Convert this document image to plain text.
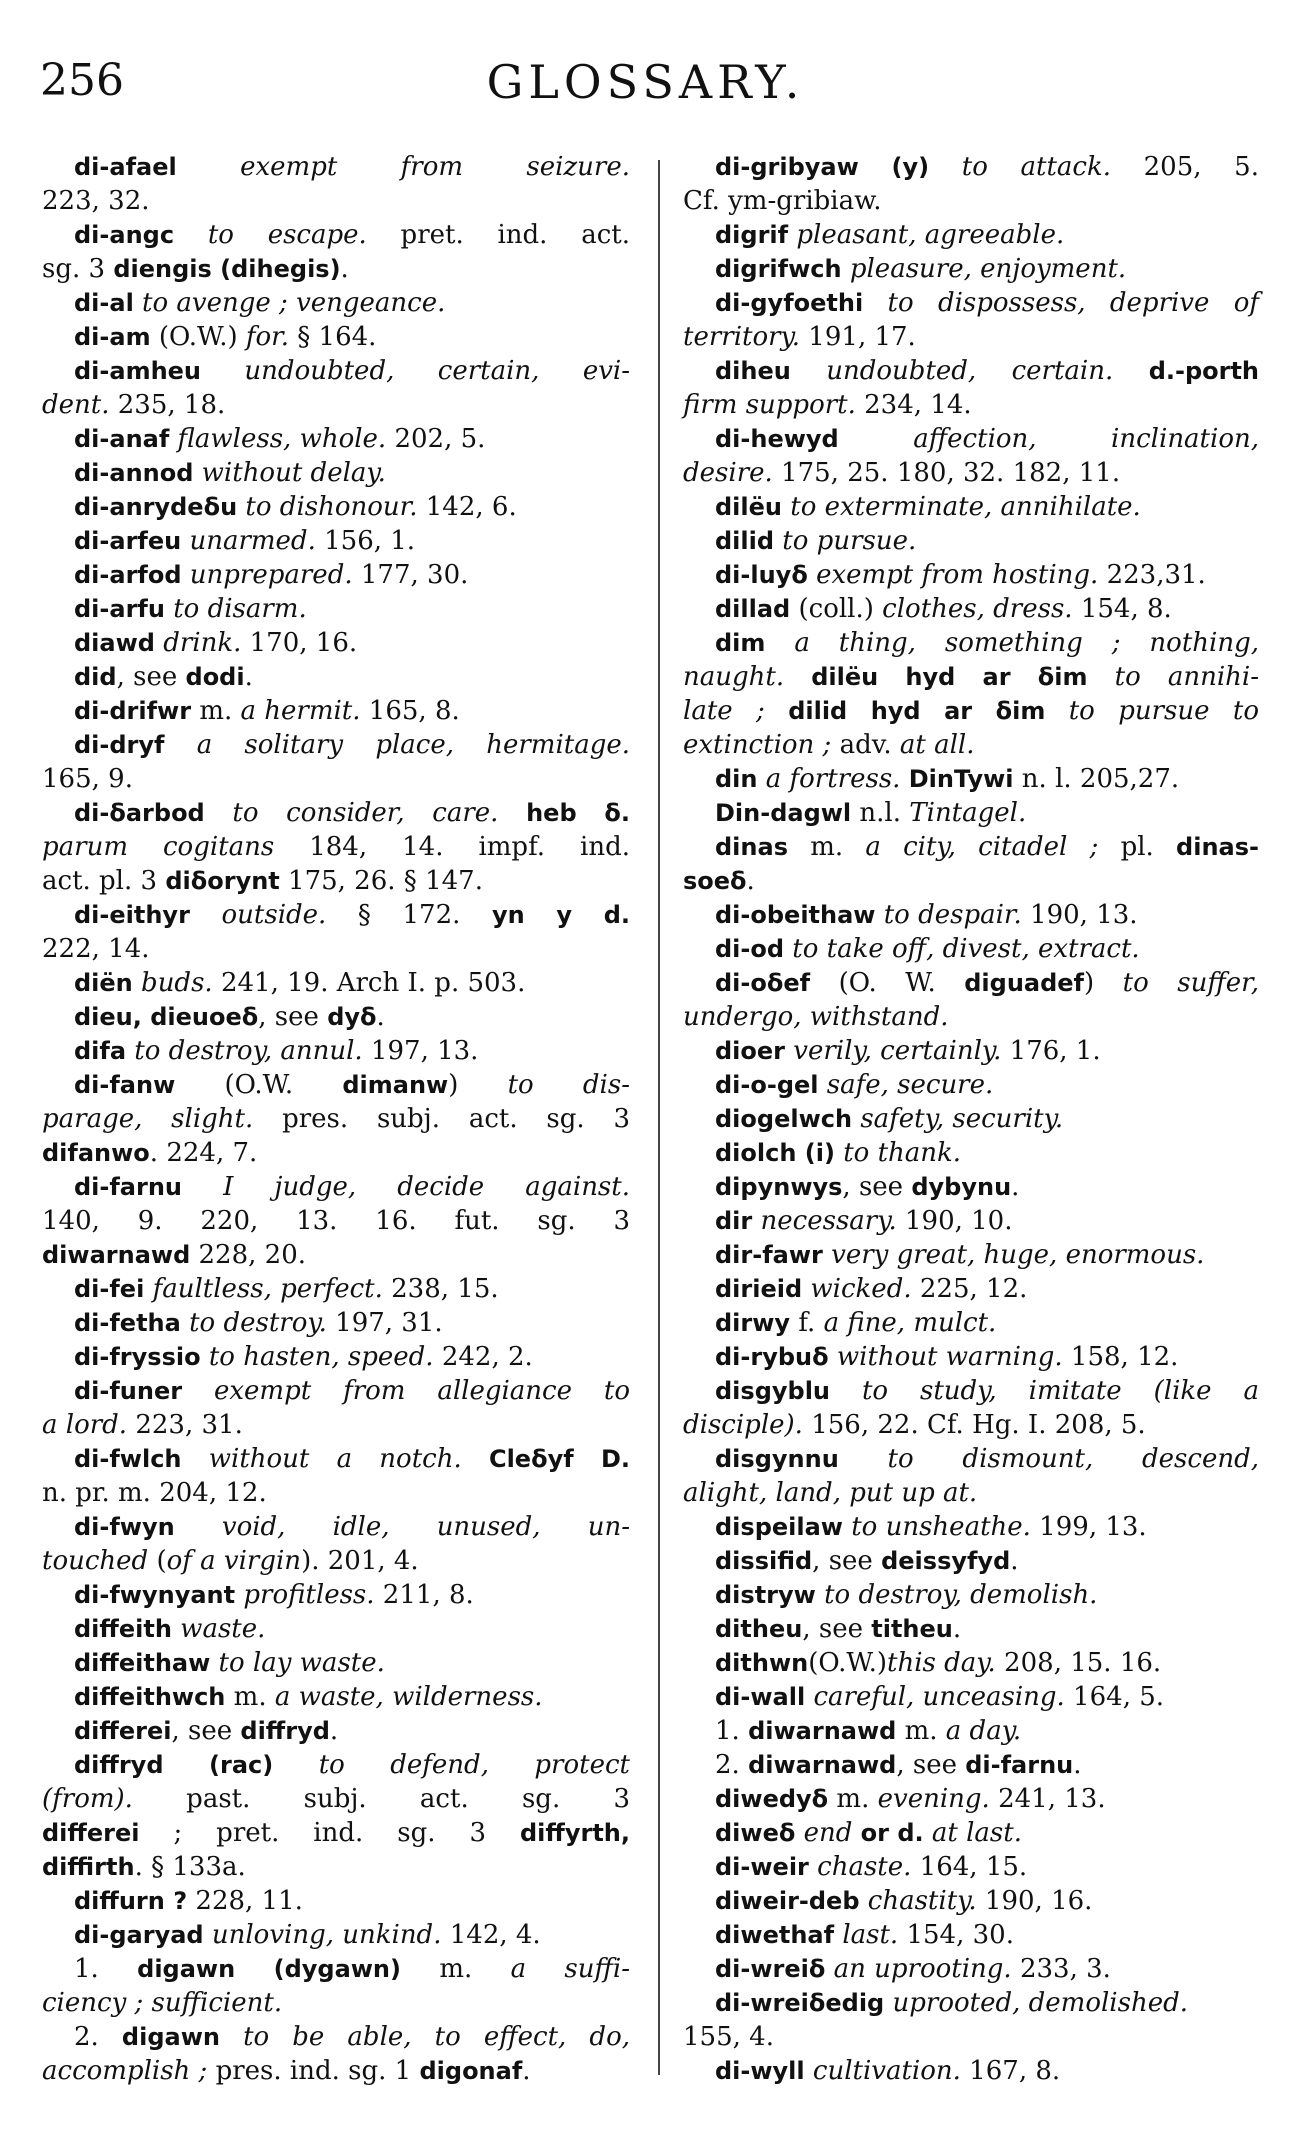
256	GLOSSARY.
di-afael exempt from seizure.
223, 32.
di-angc to escape. pret. ind. act.
sg. 3 diengis (dihegis).
di-al to avenge ; vengeance.
di-am (O.W.) for. § 164.
di-amheu undoubted, certain, evi-
dent. 235, 18.
di-anaf flawless, whole. 202, 5.
di-annod without delay.
di-anrydeδu to dishonour. 142, 6.
di-arfeu unarmed. 156, 1.
di-arfod unprepared. 177, 30.
di-arfu to disarm.
diawd drink. 170, 16.
did, see dodi.
di-drifwr m. a hermit. 165, 8.
di-dryf a solitary place, hermitage.
165, 9.
di-δarbod to consider, care. heb δ.
parum cogitans 184, 14. impf. ind.
act. pl. 3 diδorynt 175, 26. § 147.
di-eithyr outside. § 172. yn y d.
222, 14.
diën buds. 241, 19. Arch I. p. 503.
dieu, dieuoeδ, see dyδ.
difa to destroy, annul. 197, 13.
di-fanw (O.W. dimanw) to dis-
parage, slight. pres. subj. act. sg. 3
difanwo. 224, 7.
di-farnu I judge, decide against.
140, 9. 220, 13. 16. fut. sg. 3
diwarnawd 228, 20.
di-fei faultless, perfect. 238, 15.
di-fetha to destroy. 197, 31.
di-fryssio to hasten, speed. 242, 2.
di-funer exempt from allegiance to
a lord. 223, 31.
di-fwlch without a notch. Cleδyf D.
n. pr. m. 204, 12.
di-fwyn void, idle, unused, un-
touched (of a virgin). 201, 4.
di-fwynyant profitless. 211, 8.
diffeith waste.
diffeithaw to lay waste.
diffeithwch m. a waste, wilderness.
differei, see diffryd.
diffryd (rac) to defend, protect
(from). past. subj. act. sg. 3
differei ; pret. ind. sg. 3 diffyrth,
diffirth. § 133a.
diffurn ? 228, 11.
di-garyad unloving, unkind. 142, 4.
1. digawn (dygawn) m. a suffi-
ciency ; sufficient.
2. digawn to be able, to effect, do,
accomplish ; pres. ind. sg. 1 digonaf.
di-gribyaw (y) to attack. 205, 5.
Cf. ym-gribiaw.
digrif pleasant, agreeable.
digrifwch pleasure, enjoyment.
di-gyfoethi to dispossess, deprive of
territory. 191, 17.
diheu undoubted, certain. d.-porth
firm support. 234, 14.
di-hewyd affection, inclination,
desire. 175, 25. 180, 32. 182, 11.
dilëu to exterminate, annihilate.
dilid to pursue.
di-luyδ exempt from hosting. 223,31.
dillad (coll.) clothes, dress. 154, 8.
dim a thing, something ; nothing,
naught. dilëu hyd ar δim to annihi-
late ; dilid hyd ar δim to pursue to
extinction ; adv. at all.
din a fortress. DinTywi n. l. 205,27.
Din-dagwl n.l. Tintagel.
dinas m. a city, citadel ; pl. dinas-
soeδ.
di-obeithaw to despair. 190, 13.
di-od to take off, divest, extract.
di-oδef (O. W. diguadef) to suffer,
undergo, withstand.
dioer verily, certainly. 176, 1.
di-o-gel safe, secure.
diogelwch safety, security.
diolch (i) to thank.
dipynwys, see dybynu.
dir necessary. 190, 10.
dir-fawr very great, huge, enormous.
dirieid wicked. 225, 12.
dirwy f. a fine, mulct.
di-rybuδ without warning. 158, 12.
disgyblu to study, imitate (like a
disciple). 156, 22. Cf. Hg. I. 208, 5.
disgynnu to dismount, descend,
alight, land, put up at.
dispeilaw to unsheathe. 199, 13.
dissifid, see deissyfyd.
distryw to destroy, demolish.
ditheu, see titheu.
dithwn(O.W.)this day. 208, 15. 16.
di-wall careful, unceasing. 164, 5.
1. diwarnawd m. a day.
2. diwarnawd, see di-farnu.
diwedyδ m. evening. 241, 13.
diweδ end or d. at last.
di-weir chaste. 164, 15.
diweir-deb chastity. 190, 16.
diwethaf last. 154, 30.
di-wreiδ an uprooting. 233, 3.
di-wreiδedig uprooted, demolished.
155, 4.
di-wyll cultivation. 167, 8.
